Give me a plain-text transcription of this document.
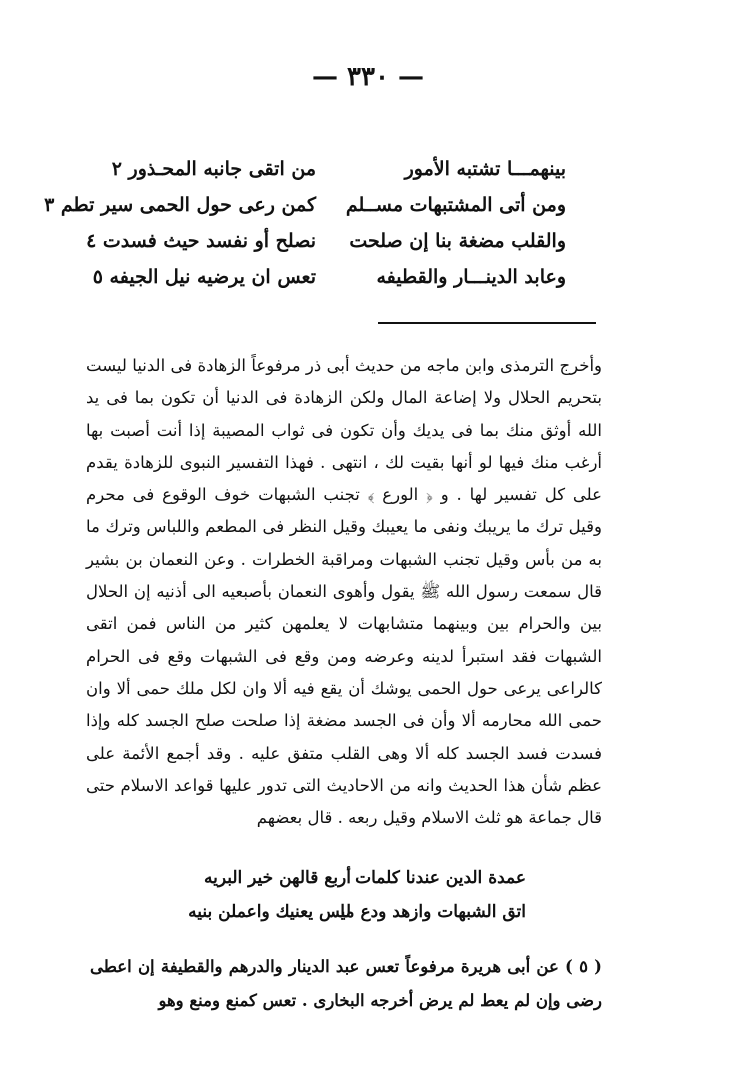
— ٣٣٠ —
بينهمـــا تشتبه الأمور
من اتقى جانبه المحـذور ٢
ومن أتى المشتبهات مســلم
كمن رعى حول الحمى سير تطم ٣
والقلب مضغة بنا إن صلحت
نصلح أو نفسد حيث فسدت ٤
وعابد الدينـــار والقطيفه
تعس ان يرضيه نيل الجيفه ٥

وأخرج الترمذى وابن ماجه من حديث أبى ذر مرفوعاً الزهادة فى الدنيا ليست بتحريم الحلال ولا إضاعة المال ولكن الزهادة فى الدنيا أن تكون بما فى يد الله أوثق منك بما فى يديك وأن تكون فى ثواب المصيبة إذا أنت أصبت بها أرغب منك فيها لو أنها بقيت لك ، انتهى . فهذا التفسير النبوى للزهادة يقدم على كل تفسير لها . و ﴿ الورع ﴾ تجنب الشبهات خوف الوقوع فى محرم وقيل ترك ما يريبك ونفى ما يعيبك وقيل النظر فى المطعم واللباس وترك ما به من بأس وقيل تجنب الشبهات ومراقبة الخطرات . وعن النعمان بن بشير قال سمعت رسول الله ﷺ يقول وأهوى النعمان بأصبعيه الى أذنيه إن الحلال بين والحرام بين وبينهما متشابهات لا يعلمهن كثير من الناس فمن اتقى الشبهات فقد استبرأ لدينه وعرضه ومن وقع فى الشبهات وقع فى الحرام كالراعى يرعى حول الحمى يوشك أن يقع فيه ألا وان لكل ملك حمى ألا وان حمى الله محارمه ألا وأن فى الجسد مضغة إذا صلحت صلح الجسد كله وإذا فسدت فسد الجسد كله ألا وهى القلب متفق عليه . وقد أجمع الأئمة على عظم شأن هذا الحديث وانه من الاحاديث التى تدور عليها قواعد الاسلام حتى قال جماعة هو ثلث الاسلام وقيل ربعه . قال بعضهم

عمدة الدين عندنا كلمات
أربع قالهن خير البريه
اتق الشبهات وازهد ودع ما
ليس يعنيك واعملن بنيه

( ٥ ) عن أبى هريرة مرفوعاً تعس عبد الدينار والدرهم والقطيفة إن اعطى رضى وإن لم يعط لم يرض أخرجه البخارى . تعس كمنع ومنع وهو
